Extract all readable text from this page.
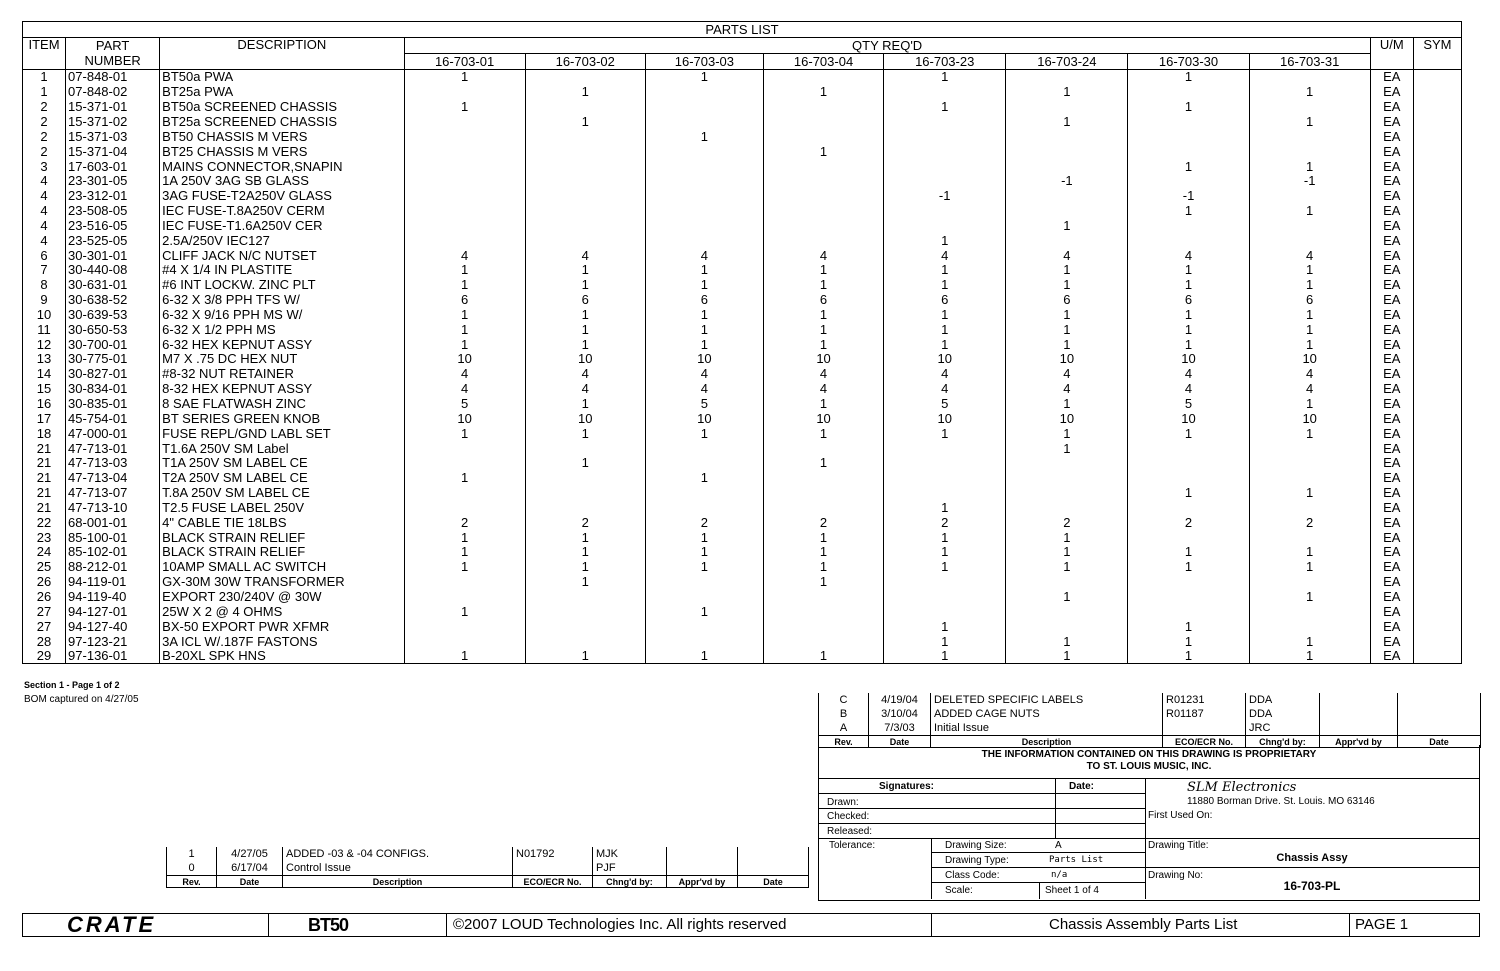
PARTS LIST												
ITEM	PART NUMBER	DESCRIPTION	QTY REQ'D								U/M	SYM
			16-703-01	16-703-02	16-703-03	16-703-04	16-703-23	16-703-24	16-703-30	16-703-31		
1	07-848-01	BT50a PWA	1		1		1		1		EA	
1	07-848-02	BT25a PWA		1		1		1		1	EA	
2	15-371-01	BT50a SCREENED CHASSIS	1				1		1		EA	
2	15-371-02	BT25a SCREENED CHASSIS		1				1		1	EA	
2	15-371-03	BT50 CHASSIS M VERS			1						EA	
2	15-371-04	BT25 CHASSIS M VERS				1					EA	
3	17-603-01	MAINS CONNECTOR,SNAPIN							1	1	EA	
4	23-301-05	1A 250V 3AG SB GLASS						-1		-1	EA	
4	23-312-01	3AG FUSE-T2A250V GLASS					-1		-1		EA	
4	23-508-05	IEC FUSE-T.8A250V CERM							1	1	EA	
4	23-516-05	IEC FUSE-T1.6A250V CER						1			EA	
4	23-525-05	2.5A/250V IEC127					1				EA	
6	30-301-01	CLIFF JACK N/C NUTSET	4	4	4	4	4	4	4	4	EA	
7	30-440-08	#4 X 1/4 IN PLASTITE	1	1	1	1	1	1	1	1	EA	
8	30-631-01	#6 INT LOCKW. ZINC PLT	1	1	1	1	1	1	1	1	EA	
9	30-638-52	6-32 X 3/8 PPH TFS W/	6	6	6	6	6	6	6	6	EA	
10	30-639-53	6-32 X 9/16 PPH MS W/	1	1	1	1	1	1	1	1	EA	
11	30-650-53	6-32 X 1/2 PPH MS	1	1	1	1	1	1	1	1	EA	
12	30-700-01	6-32 HEX KEPNUT ASSY	1	1	1	1	1	1	1	1	EA	
13	30-775-01	M7 X .75 DC HEX NUT	10	10	10	10	10	10	10	10	EA	
14	30-827-01	#8-32 NUT RETAINER	4	4	4	4	4	4	4	4	EA	
15	30-834-01	8-32 HEX KEPNUT ASSY	4	4	4	4	4	4	4	4	EA	
16	30-835-01	8 SAE FLATWASH ZINC	5	1	5	1	5	1	5	1	EA	
17	45-754-01	BT SERIES GREEN KNOB	10	10	10	10	10	10	10	10	EA	
18	47-000-01	FUSE REPL/GND LABL SET	1	1	1	1	1	1	1	1	EA	
21	47-713-01	T1.6A 250V SM Label						1			EA	
21	47-713-03	T1A 250V SM LABEL CE		1		1					EA	
21	47-713-04	T2A 250V SM LABEL CE	1		1						EA	
21	47-713-07	T.8A 250V SM LABEL CE							1	1	EA	
21	47-713-10	T2.5 FUSE LABEL 250V					1				EA	
22	68-001-01	4" CABLE TIE 18LBS	2	2	2	2	2	2	2	2	EA	
23	85-100-01	BLACK STRAIN RELIEF	1	1	1	1	1	1			EA	
24	85-102-01	BLACK STRAIN RELIEF	1	1	1	1	1	1	1	1	EA	
25	88-212-01	10AMP SMALL AC SWITCH	1	1	1	1	1	1	1	1	EA	
26	94-119-01	GX-30M 30W TRANSFORMER		1		1					EA	
26	94-119-40	EXPORT 230/240V @ 30W						1		1	EA	
27	94-127-01	25W X 2 @ 4 OHMS	1		1						EA	
27	94-127-40	BX-50 EXPORT PWR XFMR					1		1		EA	
28	97-123-21	3A ICL W/.187F FASTONS					1	1	1	1	EA	
29	97-136-01	B-20XL SPK HNS	1	1	1	1	1	1	1	1	EA	
Section 1 - Page 1 of 2
BOM captured on 4/27/05	C	4/19/04	DELETED SPECIFIC LABELS	R01231	DDA		
B	3/10/04	ADDED CAGE NUTS	R01187	DDA		
A	7/3/03	Initial Issue		JRC		
Rev.	Date	Description	ECO/ECR No.	Chng'd by:	Appr'vd by	Date
THE INFORMATION CONTAINED ON THIS DRAWING IS PROPRIETARY
TO ST. LOUIS MUSIC, INC.
Signatures:	Date:
Drawn:
Checked:
Released:
Tolerance:
SLM Electronics
11880 Borman Drive. St. Louis. MO 63146
First Used On:
Drawing Size:	A
Drawing Type:	Parts List
Class Code:	n/a
Scale:	Sheet 1 of 4
Drawing Title:
Chassis Assy
Drawing No:
16-703-PL
1	4/27/05	ADDED -03 & -04 CONFIGS.	N01792	MJK		
0	6/17/04	Control Issue		PJF		
Rev.	Date	Description	ECO/ECR No.	Chng'd by:	Appr'vd by	Date
CRATE	BT50	©2007 LOUD Technologies Inc. All rights reserved	Chassis Assembly Parts List	PAGE 1
